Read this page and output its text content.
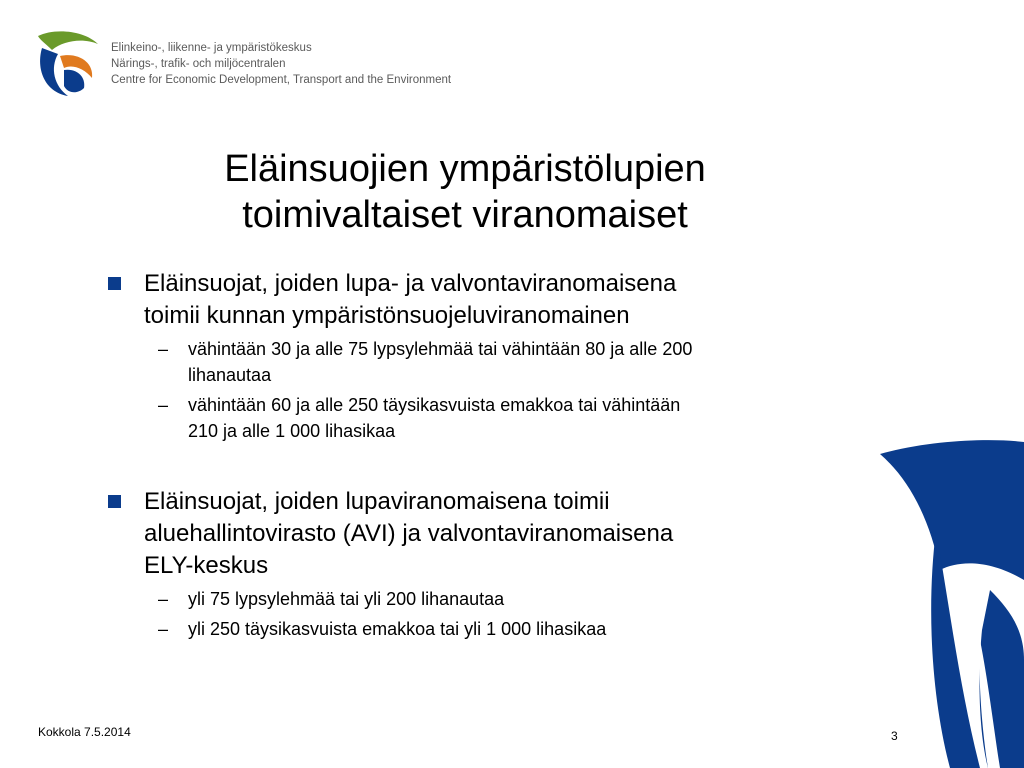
Elinkeino-, liikenne- ja ympäristökeskus
Närings-, trafik- och miljöcentralen
Centre for Economic Development, Transport and the Environment
Eläinsuojien ympäristölupien
toimivaltaiset viranomaiset
Eläinsuojat, joiden lupa- ja valvontaviranomaisena
toimii kunnan ympäristönsuojeluviranomainen
– vähintään 30 ja alle 75 lypsylehmää tai vähintään 80 ja alle 200
lihanautaa
– vähintään 60 ja alle 250 täysikasvuista emakkoa tai vähintään
210 ja alle 1 000 lihasikaa
Eläinsuojat, joiden lupaviranomaisena toimii
aluehallintovirasto (AVI) ja valvontaviranomaisena
ELY-keskus
– yli 75 lypsylehmää tai yli 200 lihanautaa
– yli 250 täysikasvuista emakkoa tai yli 1 000 lihasikaa
Kokkola 7.5.2014	3
